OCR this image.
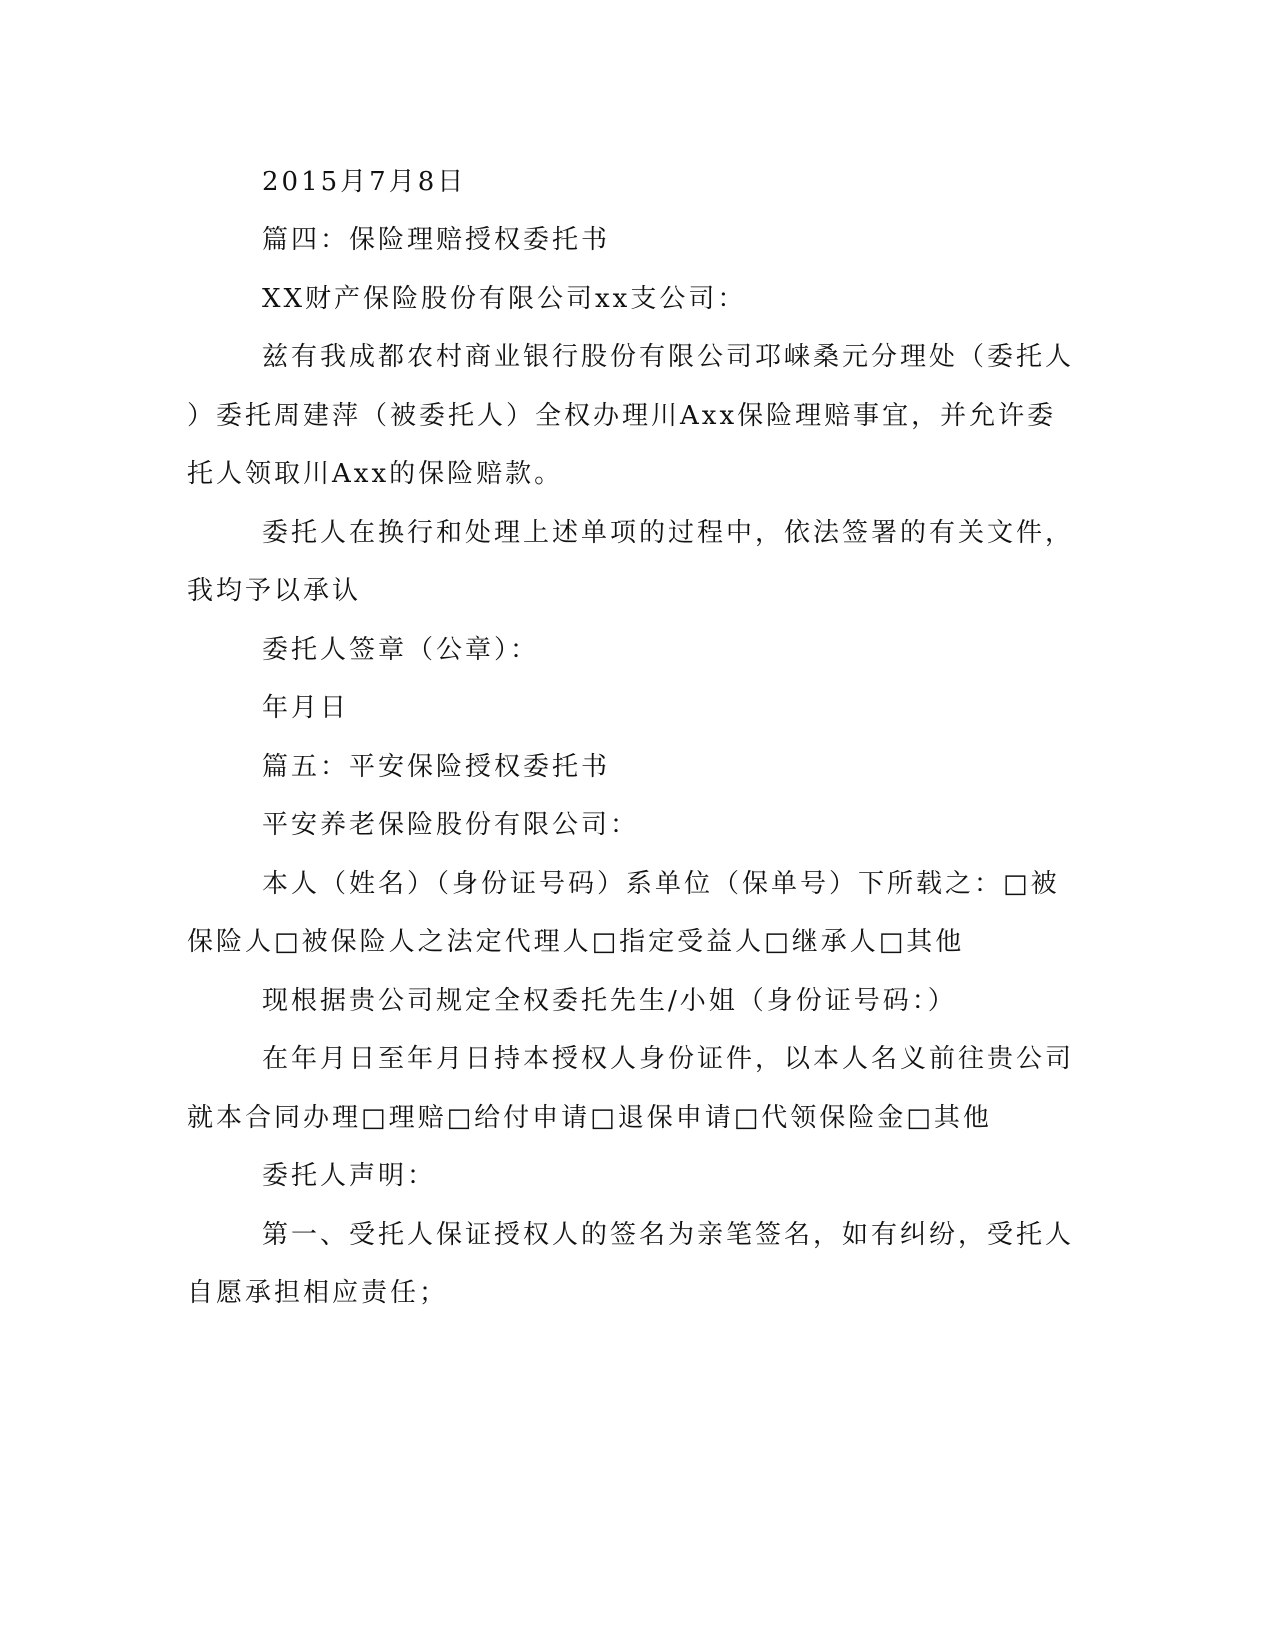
2015月7月8日
篇四：保险理赔授权委托书
XX财产保险股份有限公司xx支公司：
兹有我成都农村商业银行股份有限公司邛崃桑元分理处（委托人
）委托周建萍（被委托人）全权办理川Axx保险理赔事宜，并允许委
托人领取川Axx的保险赔款。
委托人在换行和处理上述单项的过程中，依法签署的有关文件，
我均予以承认
委托人签章（公章）：
年月日
篇五：平安保险授权委托书
平安养老保险股份有限公司：
本人（姓名）（身份证号码）系单位（保单号）下所载之：□被
保险人□被保险人之法定代理人□指定受益人□继承人□其他
现根据贵公司规定全权委托先生/小姐（身份证号码：）
在年月日至年月日持本授权人身份证件，以本人名义前往贵公司
就本合同办理□理赔□给付申请□退保申请□代领保险金□其他
委托人声明：
第一、受托人保证授权人的签名为亲笔签名，如有纠纷，受托人
自愿承担相应责任；
